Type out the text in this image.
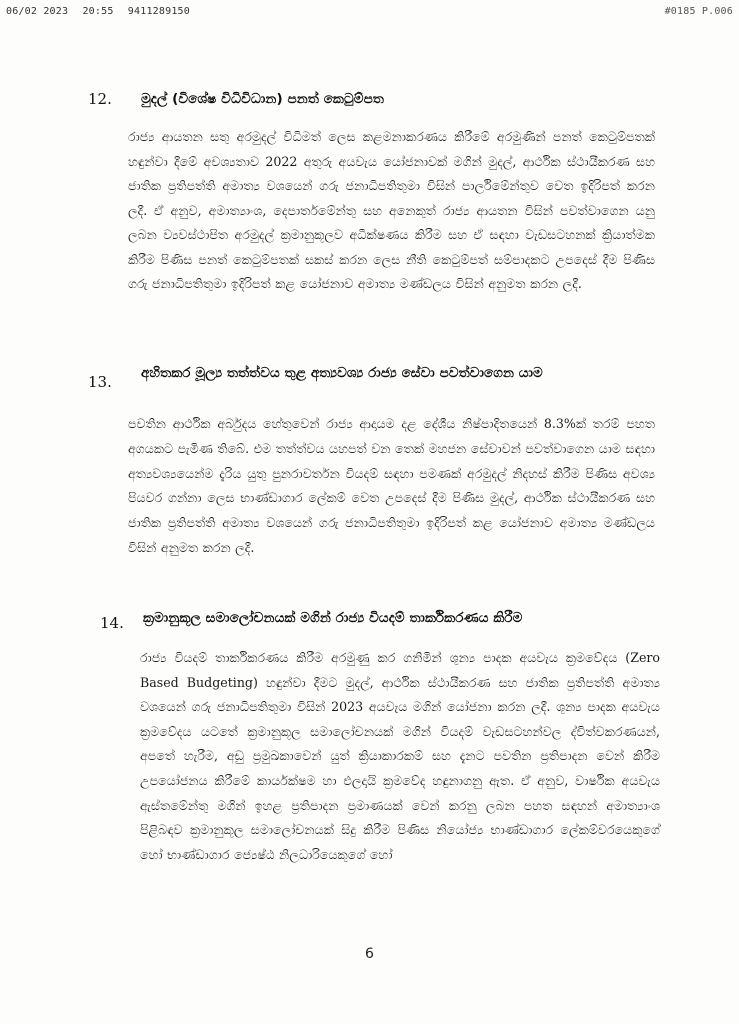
06/02 2023 20:55 9411289150	#0185 P.006
12. මුදල් (විශේෂ විධිවිධාන) පනත් කෙටුම්පත
රාජ්‍ය ආයතන සතු අරමුදල් විධිමත් ලෙස කළමනාකරණය කිරීමේ අරමුණින් පනත් කෙටුම්පතක් හඳුන්වා දීමේ අවශ්‍යතාව 2022 අතුරු අයවැය යෝජනාවක් මගින් මුදල්, ආර්ථික ස්ථායීකරණ සහ ජාතික ප්‍රතිපත්ති අමාත්‍ය වශයෙන් ගරු ජනාධිපතිතුමා විසින් පාර්ලිමේන්තුව වෙත ඉදිරිපත් කරන ලදී. ඒ අනුව, අමාත්‍යාංශ, දෙපාර්තමේන්තු සහ අනෙකුත් රාජ්‍ය ආයතන විසින් පවත්වාගෙන යනු ලබන ව්‍යවස්ථාපිත අරමුදල් ක්‍රමානුකූලව අධීක්ෂණය කිරීම සහ ඒ සඳහා වැඩසටහනක් ක්‍රියාත්මක කිරීම පිණිස පනත් කෙටුම්පතක් සකස් කරන ලෙස නීති කෙටුම්පත් සම්පාදකට උපදෙස් දීම පිණිස ගරු ජනාධිපතිතුමා ඉදිරිපත් කළ යෝජනාව අමාත්‍ය මණ්ඩලය විසින් අනුමත කරන ලදී.
13. අහිතකර මූල්‍ය තත්ත්වය තුළ අත්‍යවශ්‍ය රාජ්‍ය සේවා පවත්වාගෙන යාම
පවතින ආර්ථික අර්බුදය හේතුවෙන් රාජ්‍ය ආදායම දළ දේශීය නිෂ්පාදිතයෙන් 8.3%ක් තරම් පහත අගයකට පැමිණ තිබේ. එම තත්ත්වය යහපත් වන තෙක් මහජන සේවාවන් පවත්වාගෙන යාම සඳහා අත්‍යවශ්‍යයෙන්ම දැරිය යුතු පුනරාවර්තන වියදම් සඳහා පමණක් අරමුදල් නිදහස් කිරීම පිණිස අවශ්‍ය පියවර ගන්නා ලෙස භාණ්ඩාගාර ලේකම් වෙත උපදෙස් දීම පිණිස මුදල්, ආර්ථික ස්ථායීකරණ සහ ජාතික ප්‍රතිපත්ති අමාත්‍ය වශයෙන් ගරු ජනාධිපතිතුමා ඉදිරිපත් කළ යෝජනාව අමාත්‍ය මණ්ඩලය විසින් අනුමත කරන ලදී.
14. ක්‍රමානුකූල සමාලෝචනයක් මගින් රාජ්‍ය වියදම් තාර්කිකරණය කිරීම
රාජ්‍ය වියදම් තාර්කිකරණය කිරීම අරමුණු කර ගනිමින් ශුන්‍ය පාදක අයවැය ක්‍රමවේදය (Zero Based Budgeting) හඳුන්වා දීමට මුදල්, ආර්ථික ස්ථායීකරණ සහ ජාතික ප්‍රතිපත්ති අමාත්‍ය වශයෙන් ගරු ජනාධිපතිතුමා විසින් 2023 අයවැය මගින් යෝජනා කරන ලදී. ශුන්‍ය පාදක අයවැය ක්‍රමවේදය යටතේ ක්‍රමානුකූල සමාලෝචනයක් මගින් වියදම් වැඩසටහන්වල ද්විත්වකරණයන්, අපතේ හැරීම, අඩු ප්‍රමුඛකාවෙන් යුත් ක්‍රියාකාරකම් සහ දැනට පවතින ප්‍රතිපාදන වෙන් කිරීම උපයෝජනය කිරීමේ කාර්යක්ෂම හා ඵලදායි ක්‍රමවේද හඳුනාගනු ඇත. ඒ අනුව, වාර්ෂික අයවැය ඇස්තමේන්තු මගින් ඉහළ ප්‍රතිපාදන ප්‍රමාණයක් වෙන් කරනු ලබන පහත සඳහන් අමාත්‍යාංශ පිළිබඳව ක්‍රමානුකූල සමාලෝචනයක් සිදු කිරීම පිණිස නියෝජ්‍ය භාණ්ඩාගාර ලේකම්වරයෙකුගේ හෝ භාණ්ඩාගාර ජ්‍යෙෂ්ඨ නිලධාරියෙකුගේ හෝ
6
